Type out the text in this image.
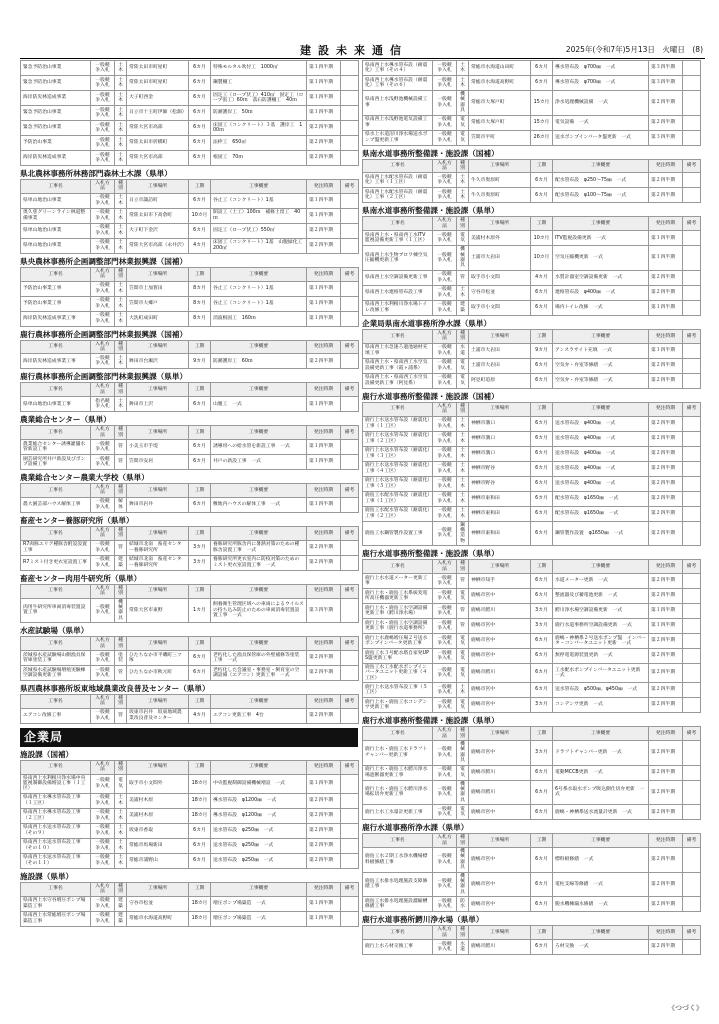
建設未来通信	2025年(令和7年)5月13日　火曜日　(8)
緊急予防治山事業	一般競争入札	土木	常陸太田市町屋町	6カ月	特殊モルタル吹付工　1000㎡	第１四半期	
緊急予防治山事業	一般競争入札	土木	常陸太田市町屋町	6カ月	鋼製柵工	第１四半期	
海岸防災林造成事業	一般競争入札	土木	大子町西金	6カ月	固定工（ロープ伏工）410㎡　固定工（ロープ張工）60ｍ　落石防護柵工　40ｍ	第１四半期	
緊急予防治山事業	一般競争入札	土木	日立市十王町伊師（松韻）	6カ月	防潮護岸工　50ｍ	第１四半期	
緊急予防治山事業	一般競争入札	土木	常陸大宮市高部	6カ月	床固工（コンクリート）３基　護岸工　100ｍ	第２四半期	
予防治山事業	一般競争入札	土木	常陸太田市折橋町	6カ月	法枠工　650㎡	第２四半期	
海岸防災林造成事業	一般競争入札	土木	常陸大宮市高部	6カ月	根固工　70ｍ	第２四半期	
県北農林事務所林務部門森林土木課（県単）
工事名	入札方法	種別	工事場所	工期	工事概要	発注時期	備考
県単山地治山事業	一般競争入札	土木	日立市諏訪町	6カ月	谷止工（コンクリート）1基	第１四半期	
奥久慈グリーンライン林道整備事業	一般競争入札	土木	常陸太田市下高倉町	10カ月	開設工（土工）100ｍ　補修土留工　40ｍ	第１四半期	
県単山地治山事業	一般競争入札	土木	大子町下金沢	6カ月	固定工（ロープ伏工）550㎡	第２四半期	
県単山地治山事業	一般競争入札	土木	常陸大宮市高部（永井沢）	4カ月	床固工（コンクリート）1基　山腹緑化工　200㎡	第２四半期	
県央農林事務所企画調整部門林業振興課（国補）
工事名	入札方法	種別	工事場所	工期	工事概要	発注時期	備考
予防治山事業工事	一般競争入札	土木	笠間市上加賀田	8カ月	谷止工（コンクリート）1基	第１四半期	
予防治山事業工事	一般競争入札	土木	笠間市大郷戸	8カ月	谷止工（コンクリート）1基	第１四半期	
海岸防災林造成事業工事	一般競争入札	土木	大洗町成田町	8カ月	消波根固工　160ｍ	第１四半期	
鹿行農林事務所企画調整部門林業振興課（国補）
工事名	入札方法	種別	工事場所	工期	工事概要	発注時期	備考
海岸防災林造成事業工事	一般競争入札	土木	鉾田市台濁沢	9カ月	防潮護岸工　60ｍ	第２四半期	
鹿行農林事務所企画調整部門林業振興課（県単）
工事名	入札方法	種別	工事場所	工期	工事概要	発注時期	備考
県単山地治山事業工事	指名競争入札	土木	鉾田市上沢	6カ月	山腹工　一式	第１四半期	
農業総合センター（県単）
工事名	入札方法	種別	工事場所	工期	工事概要	発注時期	備考
農業総合センター誘導灌舗水管新設工事	一般競争入札	管	小美玉市手堤	6カ月	誘導用への給水管を新設工事　一式	第１四半期	
園芸研究所井戸新設及びポンプ設備工事	一般競争入札	管	笠間市安居	6カ月	井戸の新設工事　一式	第１四半期	
農業総合センター農業大学校（県単）
工事名	入札方法	種別	工事場所	工期	工事概要	発注時期	備考
農大園芸部ハウス解体工事	一般競争入札	解体	鉾田市岩井	6カ月	敷地内ハウスの解体工事　一式	第１四半期	
畜産センター養豚研究所（県単）
工事名	入札方法	種別	工事場所	工期	工事概要	発注時期	備考
R7肉豚エリア種豚舎附設設置工事	一般競争入札	管	結城市北南　畜産センター養豚研究所	3カ月	養豚研究所豚舎内に暑熱対策のための種豚舎設置工事　一式	第２四半期	
R7ミスト付き更衣室設置工事	一般競争入札	建築	結城市北南　畜産センター養豚研究所	3カ月	養豚研究所更衣室内に防疫対策のためのミスト更衣室設置工事　一式	第２四半期	
畜産センター肉用牛研究所（県単）
工事名	入札方法	種別	工事場所	工期	工事概要	発注時期	備考
肉用牛研究所車両消毒装置設置工事	一般競争入札	機械器具	常陸大宮市東野	1カ月	飼養衛生管理区域への車両によるウイルスの持ち込み防止のための車両消毒装置設置工事　一式	第３四半期	
水産試験場（県単）
工事名	入札方法	種別	工事場所	工期	工事概要	発注時期	備考
茨城県水産試験場山側漁具保管庫塗装工事	一般競争入札	塗装	ひたちなか市平磯町三ツ塚	6カ月	老朽化した漁具保管庫の外壁補修等塗装工事　一式	第２四半期	
茨城県水産試験場増殖実験棟空調設備更新工事	一般競争入札	管	ひたちなか市秋元町	6カ月	老朽化した会議室・事務室・飼育室の空調設備（エアコン）更新工事　一式	第２四半期	
県西農林事務所坂東地域農業改良普及センター（県単）
工事名	入札方法	種別	工事場所	工期	工事概要	発注時期	備考
エアコン改修工事	一般競争入札	管	坂東市岩井　坂東地域農業改良普及センター	4カ月	エアコン更新工事　4台	第２四半期	
企業局
施設課（国補）
工事名	入札方法	種別	工事場所	工期	工事概要	発注時期	備考
県南西上水利根川浄水場中央監視制御設備増設工事（１工区）	一般競争入札	電気	取手市小文間外	18カ月	中央監視制御設備機械増設　一式	第１四半期	
県南西上水導水管布設工事（１工区）	一般競争入札	土木	美浦村木原	18カ月	導水管布設　φ1200㎜　一式	第２四半期	
県南西上水導水管布設工事（２工区）	一般競争入札	土木	美浦村木原	18カ月	導水管布設　φ1200㎜　一式	第２四半期	
県南西上水送水管布設工事（その９）	一般競争入札	土木	坂東市香取	6カ月	送水管布設　φ250㎜　一式	第２四半期	
県南西上水送水管布設工事（その１０）	一般競争入札	土木	常総市馬場新田	6カ月	送水管布設　φ250㎜　一式	第２四半期	
県南西上水送水管布設工事（その１１）	一般競争入札	土木	常総市浦野山	6カ月	送水管布設　φ250㎜　一式	第２四半期	
施設課（県単）
工事名	入札方法	種別	工事場所	工期	工事概要	発注時期	備考
県南西上水守谷増圧ポンプ場築造工事	一般競争入札	建築	守谷市松並	18カ月	増圧ポンプ場築造　一式	第１四半期	
県南西上水常総増圧ポンプ場築造工事	一般競争入札	建築	常総市水海道高野町	18カ月	増圧ポンプ場築造　一式	第１四半期	
県南西上水導水管布設（耐震化）工事（その４）	一般競争入札	土木	常総市水海道山田町	6カ月	導水管布設　φ700㎜　一式	第３四半期	
県南西上水導水管布設（耐震化）工事（その６）	一般競争入札	土木	常総市水海道高野町	6カ月	導水管布設　φ700㎜　一式	第３四半期	
県南西上水浅野池機械設備工事	一般競争入札	機械器具	常総市大塚戸町	15カ月	浄水処理機械設備　一式	第２四半期	
県南西上水浅野池電気設備工事	一般競争入札	電気	常総市大塚戸町	15カ月	電気設備　一式	第２四半期	
県水上水道沼川浄水場送水ポンプ盤更新工事	一般競争入札	電気	笠間市平町	26カ月	送水ポンプインバータ盤更新　一式	第３四半期	
県南水道事務所整備課・施設課（国補）
工事名	入札方法	種別	工事場所	工期	工事概要	発注時期	備考
県南西上水配水管布設（耐震化）工事（１工区）	一般競争入札	土木	牛久市奥原町	6カ月	配水管布設　φ250～75㎜　一式	第２四半期	
県南西上水配水管布設（耐震化）工事（２工区）	一般競争入札	土木	牛久市奥原町	6カ月	配水管布設　φ100～75㎜　一式	第２四半期	
県南水道事務所整備課・施設課（県単）
工事名	入札方法	種別	工事場所	工期	工事概要	発注時期	備考
県南西上水・県南西工水ITV監視設備更新工事（１工区）	一般競争入札	電気	美浦村木原外	10カ月	ITV監視設備更新　一式	第１四半期	
県南西上水生物ブロワ棟空気圧縮機更新工事	一般競争入札	機械器具	土浦市大岩田	10カ月	空気圧縮機更新　一式	第１四半期	
県南西上水空調設備更新工事	一般競争入札	管	取手市小文間	4カ月	水質計器室空調設備更新　一式	第２四半期	
県南西上水連絡管布設工事	一般競争入札	土木	守谷市松並	6カ月	連絡管布設　φ400㎜　一式	第２四半期	
県南西上水利根川浄水場トイレ改修工事	一般競争入札	建築	取手市小文間	6カ月	場内トイレ改修　一式	第１四半期	
企業局県南水道事務所浄水課（県単）
工事名	入札方法	種別	工事場所	工期	工事概要	発注時期	備考
県南西上水急速ろ過池通材充填工事	一般競争入札	水道	土浦市大岩田	9カ月	アンスラサイト充填　一式	第１四半期	
県南西上水・県南西工水空気設備更新工事（霞ヶ浦系）	一般競争入札	電気	土浦市大岩田	6カ月	空気弁・弁室等修繕　一式	第２四半期	
県南西上水・県南西工水空気設備更新工事（阿見系）	一般競争入札	電気	阿見町追原	6カ月	空気弁・弁室等修繕　一式	第２四半期	
鹿行水道事務所整備課・施設課（国補）
工事名	入札方法	種別	工事場所	工期	工事概要	発注時期	備考
鹿行上水送水管布設（耐震化）工事（１工区）	一般競争入札	土木	神栖市溝口	6カ月	送水管布設　φ400㎜　一式	第２四半期	
鹿行上水送水管布設（耐震化）工事（２工区）	一般競争入札	土木	神栖市溝口	6カ月	送水管布設　φ400㎜　一式	第２四半期	
鹿行上水送水管布設（耐震化）工事（３工区）	一般競争入札	土木	神栖市溝口	6カ月	送水管布設　φ400㎜　一式	第２四半期	
鹿行上水送水管布設（耐震化）工事（４工区）	一般競争入札	土木	神栖市野谷	6カ月	送水管布設　φ400㎜　一式	第２四半期	
鹿行上水送水管布設（耐震化）工事（５工区）	一般競争入札	土木	神栖市野谷	6カ月	送水管布設　φ400㎜　一式	第２四半期	
鹿島工水配水管布設（耐震化）工事（１工区）	一般競争入札	土木	神栖市東和田	6カ月	配水管布設　φ1650㎜　一式	第２四半期	
鹿島工水配水管布設（耐震化）工事（２工区）	一般競争入札	土木	神栖市東和田	6カ月	配水管布設　φ1650㎜　一式	第２四半期	
鹿島工水鋼管製作設置工事	一般競争入札	鋼構造物	神栖市東和田	6カ月	鋼管製作設置　φ1650㎜　一式	第２四半期	
鹿行水道事務所整備課・施設課（県単）
工事名	入札方法	種別	工事場所	工期	工事概要	発注時期	備考
鹿行上水水道メーター更新工事	一般競争入札	管	神栖市知手	6カ月	水道メーター更新　一式	第２四半期	
鹿行上水・鹿島工水系統変電所高圧機器更新工事	一般競争入札	電気	鹿嶋市宮中	6カ月	整流器及び蓄電池更新　一式	第２四半期	
鹿行上水・鹿島工水空調設備更新工事（鰐川浄水場）	一般競争入札	管	鹿嶋市鰐川	3カ月	鰐川浄水場空調設備更新　一式	第１四半期	
鹿行上水・鹿島工水空調設備更新工事（鹿行水道事務所）	一般競争入札	管	鹿嶋市宮中	3カ月	鹿行水道事務所空調設備更新　一式	第１四半期	
鹿行上水鹿嶋増圧場２号送水ポンプインバータ更新工事	一般競争入札	電気	鹿嶋市宮中	6カ月	鹿嶋・神栖系２号送水ポンプ盤　インバータ・コンバータユニット更新　一式	第２四半期	
鹿島工水３号配水塔自家発UPS盤更新工事	一般競争入札	電気	鹿嶋市宮中	6カ月	無停電電源装置更新　一式	第２四半期	
鹿島工水工水配水ポンプインバータユニット更新工事（４工区）	一般競争入札	電気	鹿嶋市鰐川	6カ月	工水配水ポンプインバータユニット更新　一式	第２四半期	
鹿行上水送水管布設工事（５工区）	一般競争入札	土木	鹿嶋市宮中	6カ月	送水管布設　φ500㎜、φ450㎜　一式	第２四半期	
鹿行上水・鹿島工水コンデンサ更新工事	一般競争入札	電気	鹿嶋市宮中	3カ月	コンデンサ更新　一式	第２四半期	
鹿行水道事務所整備課・施設課（県単）
工事名	入札方法	種別	工事場所	工期	工事概要	発注時期	備考
鹿行上水・鹿島工水ドラフトチャンバー更新工事	一般競争入札	機械器具	鹿嶋市宮中	3カ月	ドラフトチャンバー更新　一式	第２四半期	
鹿行上水・鹿島工水鰐川浄水場遮断器更新工事	一般競争入札	電気	鹿嶋市鰐川	6カ月	電動MCCB更新　一式	第２四半期	
鹿行上水・鹿島工水鰐川浄水場拡切弁更新工事	一般競争入札	機械器具	鹿嶋市鰐川	6カ月	6号系水取水ポンプ吸込側仕切弁更新　一式	第２四半期	
鹿行上水工水量計更新工事	一般競争入札	電気	鹿嶋市宮中	6カ月	鹿嶋・神栖系送水流量計更新　一式	第２四半期	
鹿行水道事務所浄水課（県単）
工事名	入札方法	種別	工事場所	工期	工事概要	発注時期	備考
鹿島工水２期工水浄水機場標料板修繕工事	一般競争入札	機械器具	鹿嶋市宮中	6カ月	標料板修繕　一式	第２四半期	
鹿島工水排水処理施設支障修繕工事	一般競争入札	機械器具	鹿嶋市宮中	6カ月	電柱支線等修繕　一式	第２四半期	
鹿島工水排水処理施設濃縮槽修繕工事	一般競争入札	防水	鹿嶋市宮中	6カ月	脱水機棟漏水修繕　一式	第２四半期	
鹿行水道事務所鰐川浄水場（県単）
工事名	入札方法	種別	工事場所	工期	工事概要	発注時期	備考
鹿行上水ろ材交換工事	一般競争入札	水道	鹿嶋市鰐川	6カ月	ろ材交換　一式	第２四半期	
《つづく》
